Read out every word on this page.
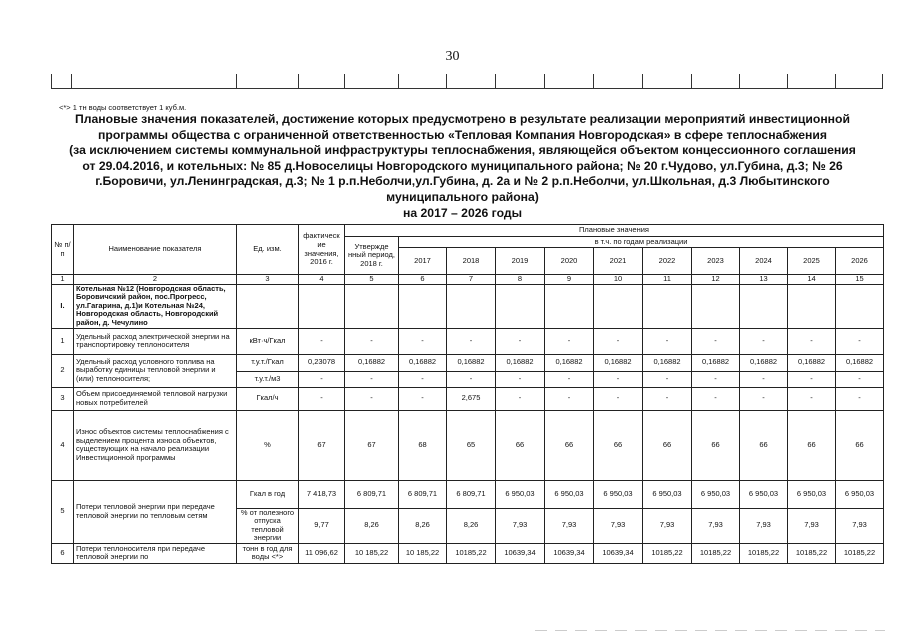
30
<*> 1 тн воды соответствует 1 куб.м.
Плановые значения показателей, достижение которых предусмотрено в результате реализации мероприятий инвестиционной
программы общества с ограниченной ответственностью «Тепловая Компания Новгородская» в сфере теплоснабжения
(за исключением системы коммунальной инфраструктуры теплоснабжения, являющейся объектом концессионного соглашения
от 29.04.2016, и котельных: № 85 д.Новоселицы Новгородского муниципального района; № 20 г.Чудово, ул.Губина, д.3; № 26
г.Боровичи, ул.Ленинградская, д.3; № 1 р.п.Неболчи,ул.Губина, д. 2а и № 2 р.п.Неболчи, ул.Школьная, д.3 Любытинского
муниципального района)
на 2017 – 2026 годы
№ п/п	Наименование показателя	Ед. изм.	фактическ ие значения, 2016 г.	Плановые значения										
				Утвержде нный период, 2018 г.	в т.ч. по годам реализации									
					2017	2018	2019	2020	2021	2022	2023	2024	2025	2026
1	2	3	4	5	6	7	8	9	10	11	12	13	14	15
I.	Котельная №12 (Новгородская область, Боровичский район, пос.Прогресс, ул.Гагарина, д.1)и Котельная №24, Новгородская область, Новгородский район, д. Чечулино													
1	Удельный расход электрической энергии на транспортировку теплоносителя	кВт·ч/Гкал	-	-	-	-	-	-	-	-	-	-	-	-
2	Удельный расход условного топлива на выработку единицы тепловой энергии и (или) теплоносителя;	т.у.т./Гкал	0,23078	0,16882	0,16882	0,16882	0,16882	0,16882	0,16882	0,16882	0,16882	0,16882	0,16882	0,16882
		т.у.т./м3	-	-	-	-	-	-	-	-	-	-	-	-
3	Объем присоединяемой тепловой нагрузки новых потребителей	Гкал/ч	-	-	-	2,675	-	-	-	-	-	-	-	-
4	Износ объектов системы теплоснабжения с выделением процента износа объектов, существующих на начало реализации Инвестиционной программы	%	67	67	68	65	66	66	66	66	66	66	66	66
5	Потери тепловой энергии при передаче тепловой энергии по тепловым сетям	Гкал в год	7 418,73	6 809,71	6 809,71	6 809,71	6 950,03	6 950,03	6 950,03	6 950,03	6 950,03	6 950,03	6 950,03	6 950,03
		% от полезного отпуска тепловой энергии	9,77	8,26	8,26	8,26	7,93	7,93	7,93	7,93	7,93	7,93	7,93	7,93
6	Потери теплоносителя при передаче тепловой энергии по	тонн в год для воды <*>	11 096,62	10 185,22	10 185,22	10185,22	10639,34	10639,34	10639,34	10185,22	10185,22	10185,22	10185,22	10185,22
